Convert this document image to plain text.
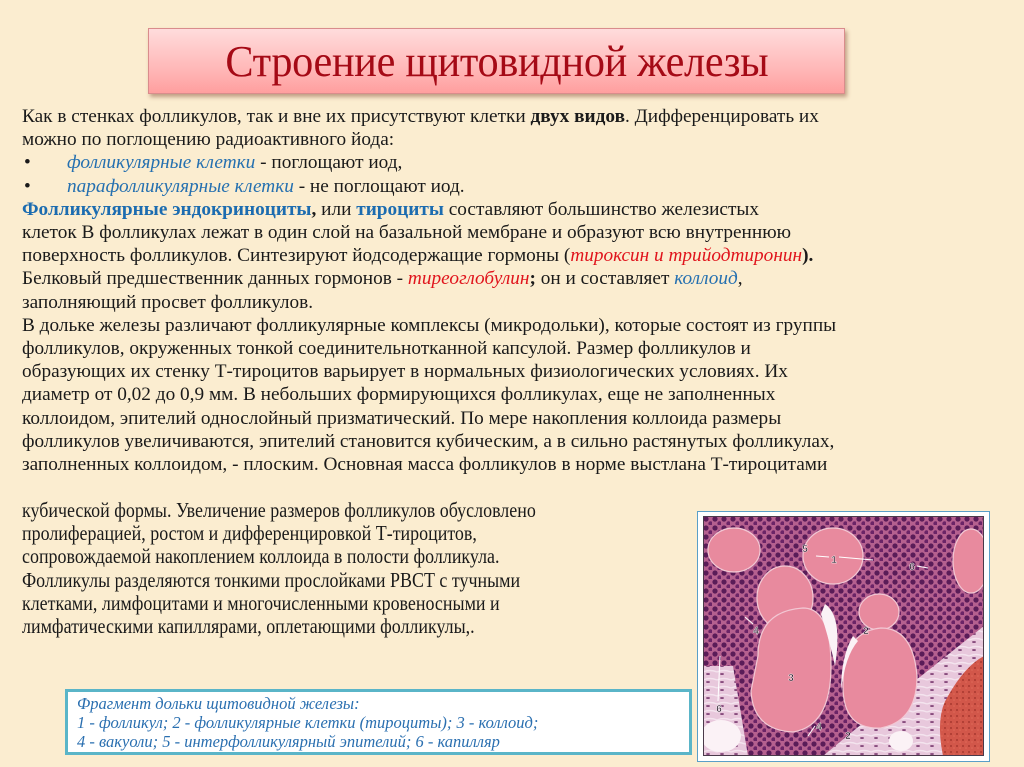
Строение щитовидной железы

Как в стенках фолликулов, так и вне их присутствуют клетки двух видов. Дифференцировать их

можно по поглощению радиоактивного йода:

•	фолликулярные клетки - поглощают иод,

•	парафолликулярные клетки - не поглощают иод.

Фолликулярные эндокриноциты, или тироциты составляют большинство железистых

клеток В фолликулах лежат в один слой на базальной мембране и образуют всю внутреннюю

поверхность фолликулов. Синтезируют йодсодержащие гормоны (тироксин и трийодтиронин).

Белковый предшественник данных гормонов - тиреоглобулин; он и составляет коллоид,

заполняющий просвет фолликулов.

В дольке железы различают фолликулярные комплексы (микродольки), которые состоят из группы

фолликулов, окруженных тонкой соединительнотканной капсулой. Размер фолликулов и

образующих их стенку Т-тироцитов варьирует в нормальных физиологических условиях. Их

диаметр от 0,02 до 0,9 мм. В небольших формирующихся фолликулах, еще не заполненных

коллоидом, эпителий однослойный призматический. По мере накопления коллоида размеры

фолликулов увеличиваются, эпителий становится кубическим, а в сильно растянутых фолликулах,

заполненных коллоидом, - плоским. Основная масса фолликулов в норме выстлана Т-тироцитами

кубической формы. Увеличение размеров фолликулов обусловлено

пролиферацией, ростом и дифференцировкой Т-тироцитов,

сопровождаемой накоплением коллоида в полости фолликула.

Фолликулы разделяются тонкими прослойками РВСТ с тучными

клетками, лимфоцитами и многочисленными кровеносными и

лимфатическими капиллярами, оплетающими фолликулы,.

Фрагмент дольки щитовидной железы:

1 - фолликул; 2 - фолликулярные клетки (тироциты); 3 - коллоид;

4 - вакуоли; 5 - интерфолликулярный эпителий; 6 - капилляр

5
1
6
4	2
3
6
4
2
